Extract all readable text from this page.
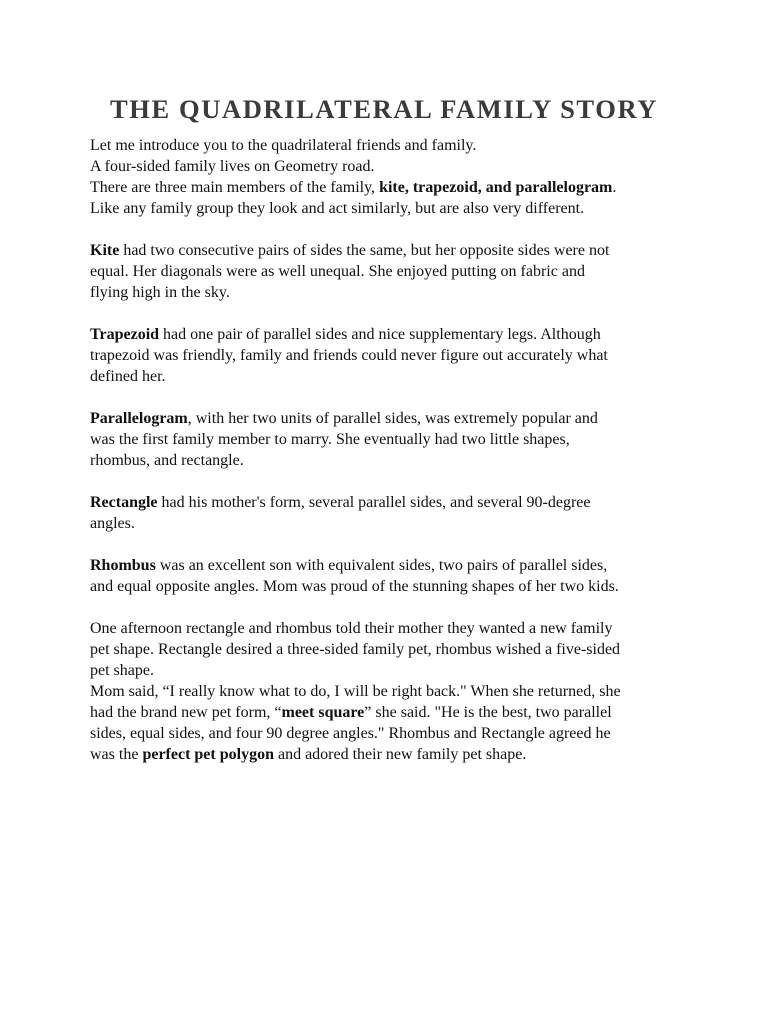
THE QUADRILATERAL FAMILY STORY

Let me introduce you to the quadrilateral friends and family.
A four-sided family lives on Geometry road.
There are three main members of the family, kite, trapezoid, and parallelogram.
Like any family group they look and act similarly, but are also very different.

Kite had two consecutive pairs of sides the same, but her opposite sides were not
equal. Her diagonals were as well unequal. She enjoyed putting on fabric and
flying high in the sky.

Trapezoid had one pair of parallel sides and nice supplementary legs. Although
trapezoid was friendly, family and friends could never figure out accurately what
defined her.

Parallelogram, with her two units of parallel sides, was extremely popular and
was the first family member to marry. She eventually had two little shapes,
rhombus, and rectangle.

Rectangle had his mother's form, several parallel sides, and several 90-degree
angles.

Rhombus was an excellent son with equivalent sides, two pairs of parallel sides,
and equal opposite angles. Mom was proud of the stunning shapes of her two kids.

One afternoon rectangle and rhombus told their mother they wanted a new family
pet shape. Rectangle desired a three-sided family pet, rhombus wished a five-sided
pet shape.
Mom said, “I really know what to do, I will be right back." When she returned, she
had the brand new pet form, “meet square” she said. "He is the best, two parallel
sides, equal sides, and four 90 degree angles." Rhombus and Rectangle agreed he
was the perfect pet polygon and adored their new family pet shape.
